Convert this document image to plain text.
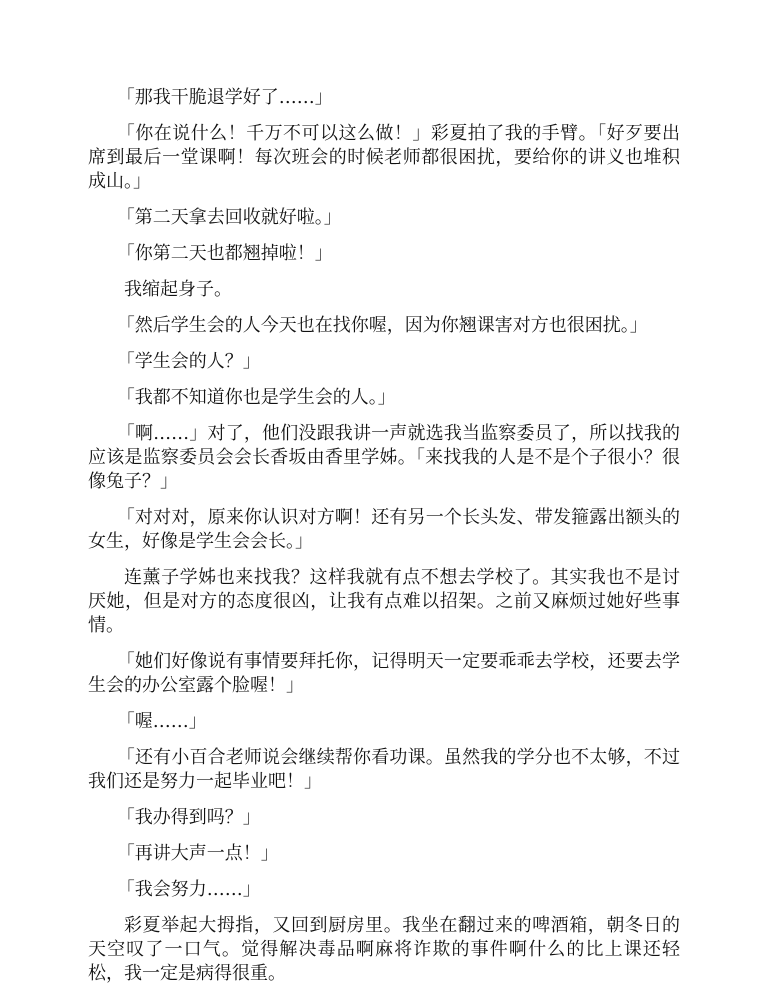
「那我干脆退学好了……」

「你在说什么！千万不可以这么做！」彩夏拍了我的手臂。「好歹要出席到最后一堂课啊！每次班会的时候老师都很困扰，要给你的讲义也堆积成山。」

「第二天拿去回收就好啦。」

「你第二天也都翘掉啦！」

我缩起身子。

「然后学生会的人今天也在找你喔，因为你翘课害对方也很困扰。」

「学生会的人？」

「我都不知道你也是学生会的人。」

「啊……」对了，他们没跟我讲一声就选我当监察委员了，所以找我的应该是监察委员会会长香坂由香里学姊。「来找我的人是不是个子很小？很像兔子？」

「对对对，原来你认识对方啊！还有另一个长头发、带发箍露出额头的女生，好像是学生会会长。」

连薰子学姊也来找我？这样我就有点不想去学校了。其实我也不是讨厌她，但是对方的态度很凶，让我有点难以招架。之前又麻烦过她好些事情。

「她们好像说有事情要拜托你，记得明天一定要乖乖去学校，还要去学生会的办公室露个脸喔！」

「喔……」

「还有小百合老师说会继续帮你看功课。虽然我的学分也不太够，不过我们还是努力一起毕业吧！」

「我办得到吗？」

「再讲大声一点！」

「我会努力……」

彩夏举起大拇指，又回到厨房里。我坐在翻过来的啤酒箱，朝冬日的天空叹了一口气。觉得解决毒品啊麻将诈欺的事件啊什么的比上课还轻松，我一定是病得很重。
